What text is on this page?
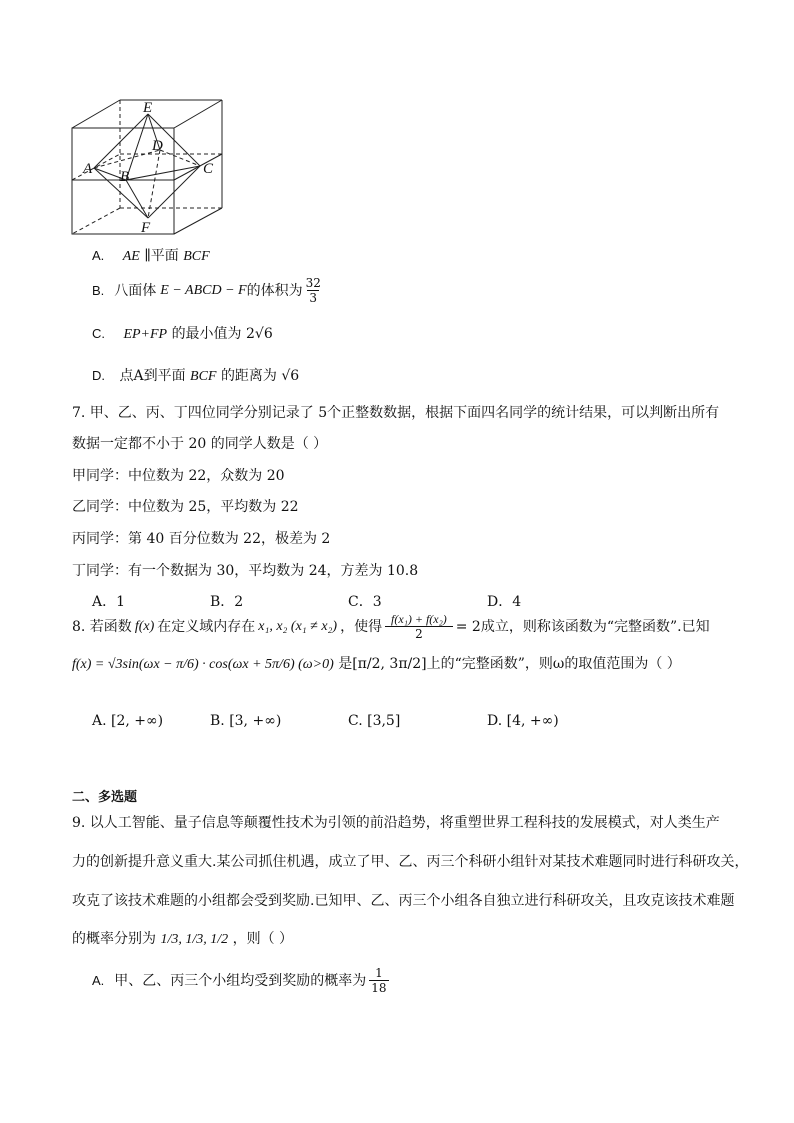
E
D
A B	C
F
A. AE ∥平面 BCF
B. 八面体 E − ABCD − F 的体积为 $\frac{32}{3}$
C. EP+FP 的最小值为 2√6
D. 点A到平面 BCF 的距离为 √6
7. 甲、乙、丙、丁四位同学分别记录了 5个正整数数据，根据下面四名同学的统计结果，可以判断出所有
数据一定都不小于 20 的同学人数是（ ）
甲同学：中位数为 22，众数为 20
乙同学：中位数为 25，平均数为 22
丙同学：第 40 百分位数为 22，极差为 2
丁同学：有一个数据为 30，平均数为 24，方差为 10.8
A．1	B．2	C．3	D．4
8. 若函数 f(x) 在定义域内存在 x₁, x₂ (x₁ ≠ x₂) ，使得 $\frac{\text{f(x₁) + f(x₂)}}{2} = 2$成立，则称该函数为“完整函数”.已知
f(x) = √3sin(ωx − π/6) · cos(ωx + 5π/6) (ω>0) 是[π/2, 3π/2]上的“完整函数”，则ω的取值范围为（ ）
A. [2, +∞)	B. [3, +∞)	C. [3,5]	D. [4, +∞)
二、多选题
9. 以人工智能、量子信息等颠覆性技术为引领的前沿趋势，将重塑世界工程科技的发展模式，对人类生产
力的创新提升意义重大.某公司抓住机遇，成立了甲、乙、丙三个科研小组针对某技术难题同时进行科研攻关，
攻克了该技术难题的小组都会受到奖励.已知甲、乙、丙三个小组各自独立进行科研攻关，且攻克该技术难题
的概率分别为 1/3, 1/3, 1/2 ，则（ ）
A. 甲、乙、丙三个小组均受到奖励的概率为 $\frac{1}{18}$
